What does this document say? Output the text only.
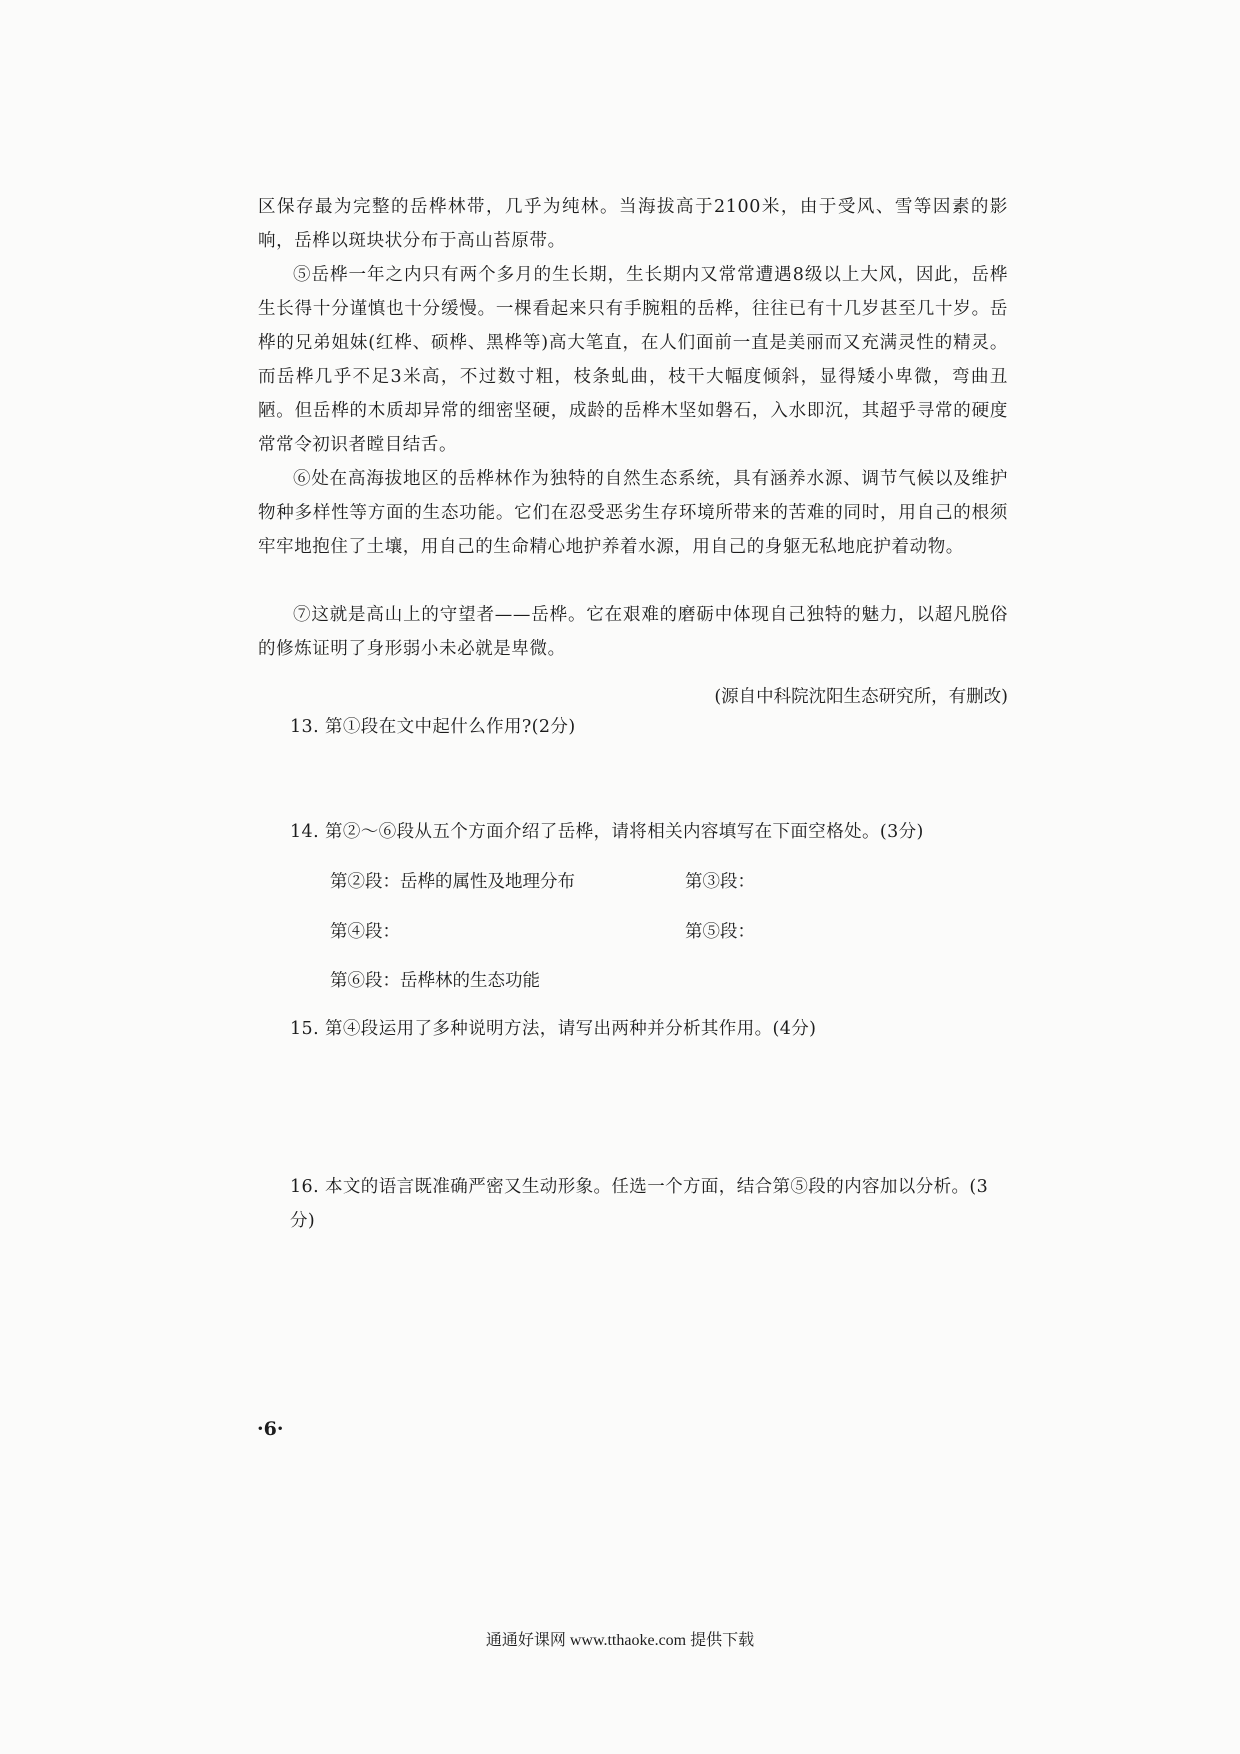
区保存最为完整的岳桦林带，几乎为纯林。当海拔高于2100米，由于受风、雪等因素的影响，岳桦以斑块状分布于高山苔原带。

⑤岳桦一年之内只有两个多月的生长期，生长期内又常常遭遇8级以上大风，因此，岳桦生长得十分谨慎也十分缓慢。一棵看起来只有手腕粗的岳桦，往往已有十几岁甚至几十岁。岳桦的兄弟姐妹(红桦、硕桦、黑桦等)高大笔直，在人们面前一直是美丽而又充满灵性的精灵。而岳桦几乎不足3米高，不过数寸粗，枝条虬曲，枝干大幅度倾斜，显得矮小卑微，弯曲丑陋。但岳桦的木质却异常的细密坚硬，成龄的岳桦木坚如磐石，入水即沉，其超乎寻常的硬度常常令初识者瞠目结舌。

⑥处在高海拔地区的岳桦林作为独特的自然生态系统，具有涵养水源、调节气候以及维护物种多样性等方面的生态功能。它们在忍受恶劣生存环境所带来的苦难的同时，用自己的根须牢牢地抱住了土壤，用自己的生命精心地护养着水源，用自己的身躯无私地庇护着动物。

⑦这就是高山上的守望者——岳桦。它在艰难的磨砺中体现自己独特的魅力，以超凡脱俗的修炼证明了身形弱小未必就是卑微。

(源自中科院沈阳生态研究所，有删改)

13. 第①段在文中起什么作用?(2分)

14. 第②～⑥段从五个方面介绍了岳桦，请将相关内容填写在下面空格处。(3分)

第②段：岳桦的属性及地理分布	第③段：
第④段：	第⑤段：
第⑥段：岳桦林的生态功能

15. 第④段运用了多种说明方法，请写出两种并分析其作用。(4分)

16. 本文的语言既准确严密又生动形象。任选一个方面，结合第⑤段的内容加以分析。(3分)

·6·
通通好课网 www.tthaoke.com 提供下载
